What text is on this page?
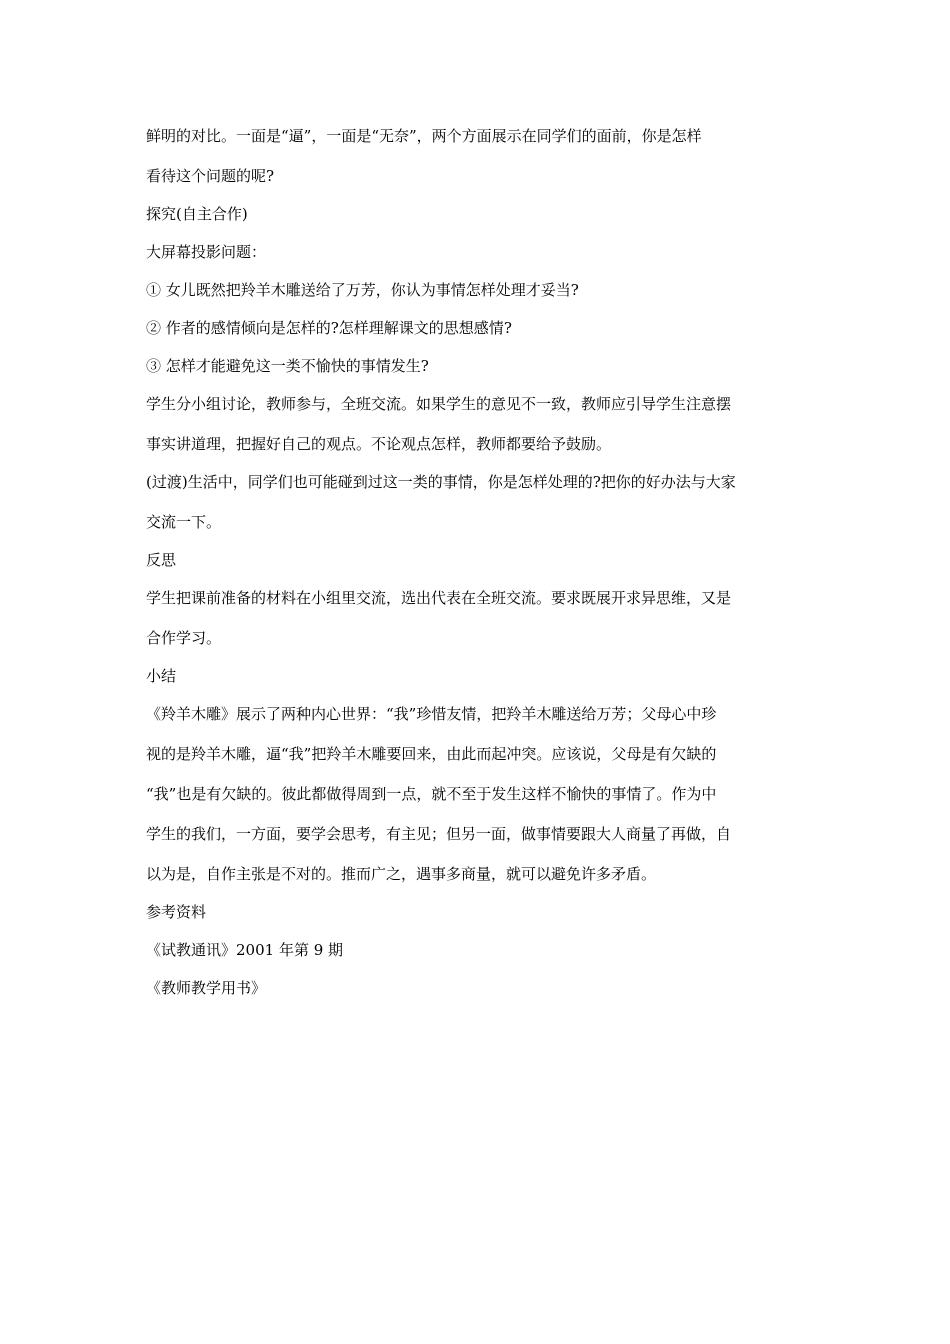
鲜明的对比。一面是“逼”，一面是“无奈”，两个方面展示在同学们的面前，你是怎样

看待这个问题的呢?

探究(自主合作)

大屏幕投影问题：

① 女儿既然把羚羊木雕送给了万芳，你认为事情怎样处理才妥当?

② 作者的感情倾向是怎样的?怎样理解课文的思想感情?

③ 怎样才能避免这一类不愉快的事情发生?

学生分小组讨论，教师参与，全班交流。如果学生的意见不一致，教师应引导学生注意摆

事实讲道理，把握好自己的观点。不论观点怎样，教师都要给予鼓励。

(过渡)生活中，同学们也可能碰到过这一类的事情，你是怎样处理的?把你的好办法与大家

交流一下。

反思

学生把课前准备的材料在小组里交流，选出代表在全班交流。要求既展开求异思维，又是

合作学习。

小结

《羚羊木雕》展示了两种内心世界：“我”珍惜友情，把羚羊木雕送给万芳；父母心中珍

视的是羚羊木雕，逼“我”把羚羊木雕要回来，由此而起冲突。应该说，父母是有欠缺的

“我”也是有欠缺的。彼此都做得周到一点，就不至于发生这样不愉快的事情了。作为中

学生的我们，一方面，要学会思考，有主见；但另一面，做事情要跟大人商量了再做，自

以为是，自作主张是不对的。推而广之，遇事多商量，就可以避免许多矛盾。

参考资料

《试教通讯》2001 年第 9 期

《教师教学用书》
